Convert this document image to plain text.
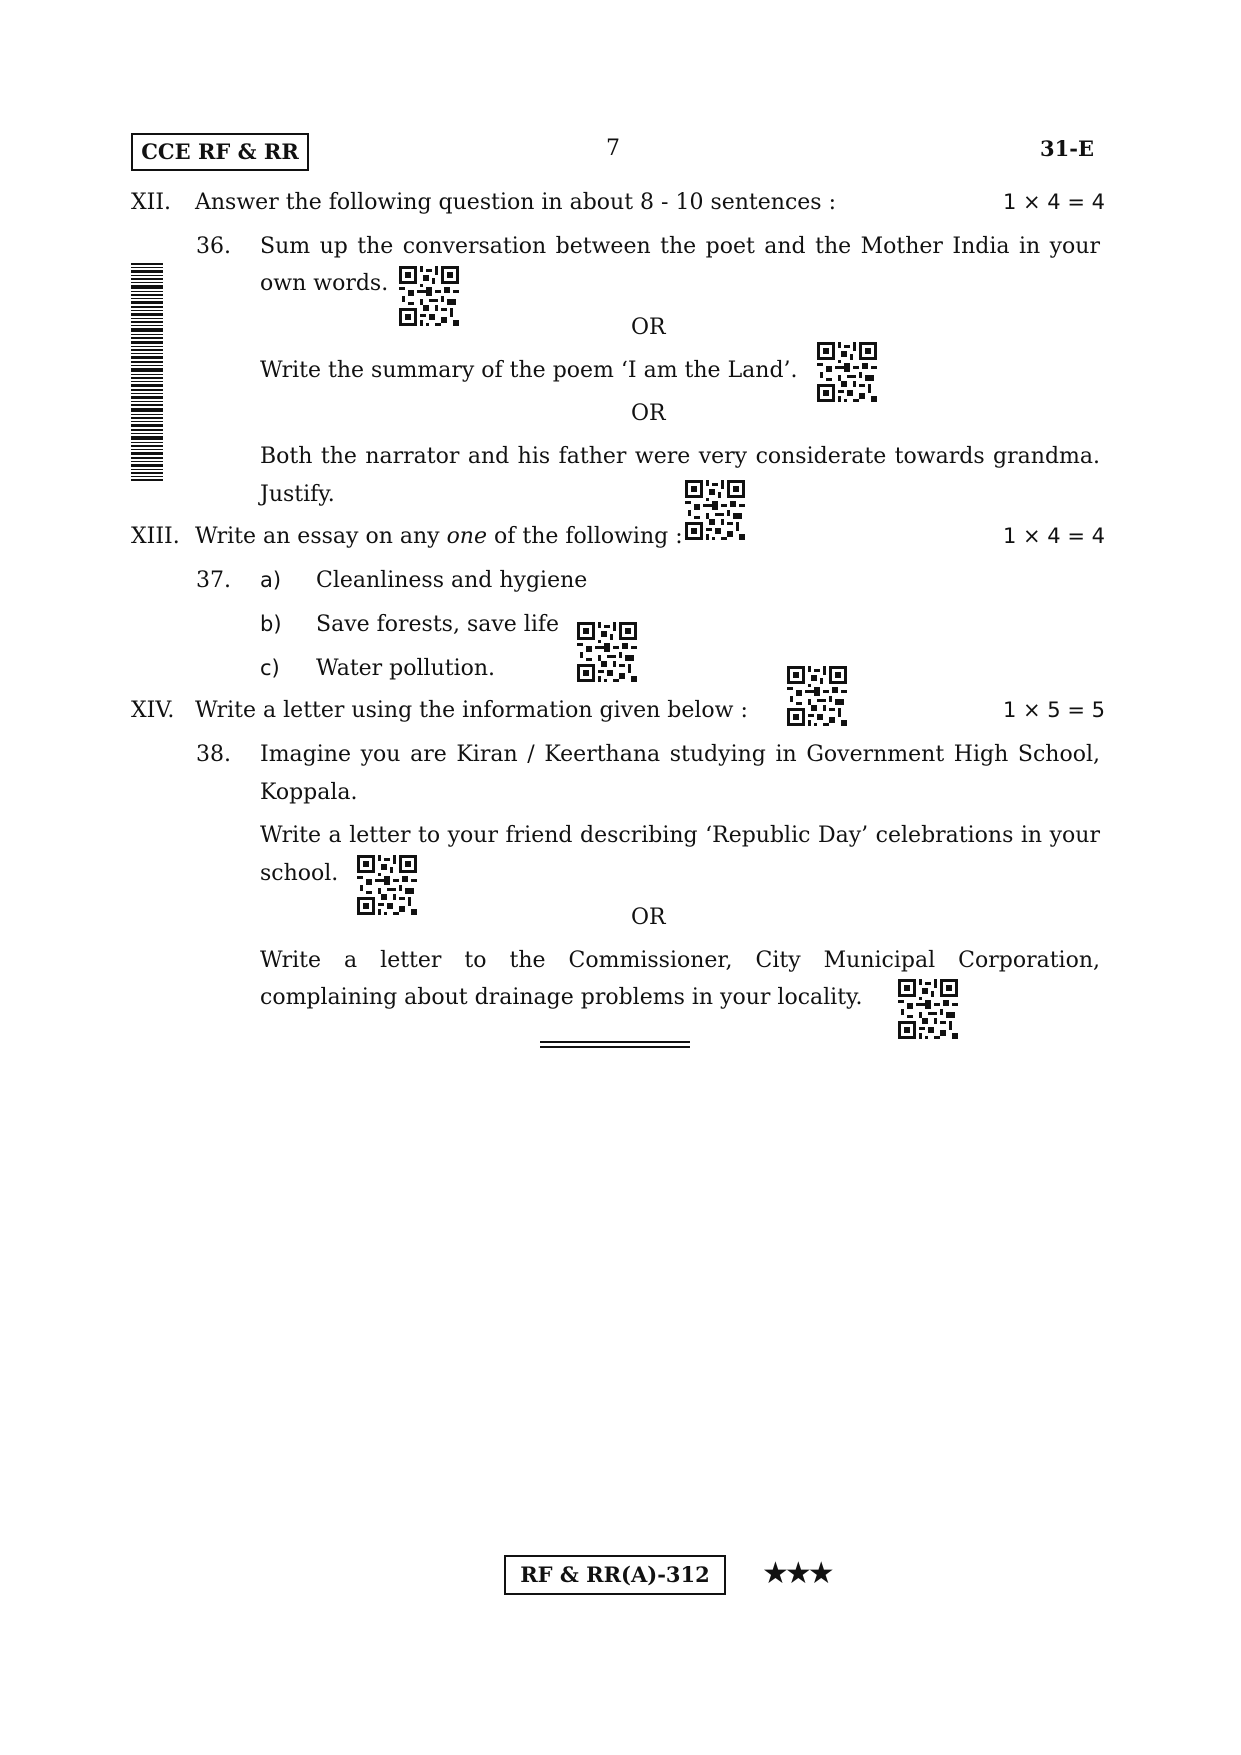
CCE RF & RR	7	31-E
XII. Answer the following question in about 8 - 10 sentences :	1 × 4 = 4
36. Sum up the conversation between the poet and the Mother India in your
own words.
OR
Write the summary of the poem ‘I am the Land’.
OR
Both the narrator and his father were very considerate towards grandma.
Justify.
XIII. Write an essay on any one of the following :	1 × 4 = 4
37. a) Cleanliness and hygiene
b) Save forests, save life
c) Water pollution.
XIV. Write a letter using the information given below :	1 × 5 = 5
38. Imagine you are Kiran / Keerthana studying in Government High School,
Koppala.
Write a letter to your friend describing ‘Republic Day’ celebrations in your
school.
OR
Write a letter to the Commissioner, City Municipal Corporation,
complaining about drainage problems in your locality.
RF & RR(A)-312	★★★
